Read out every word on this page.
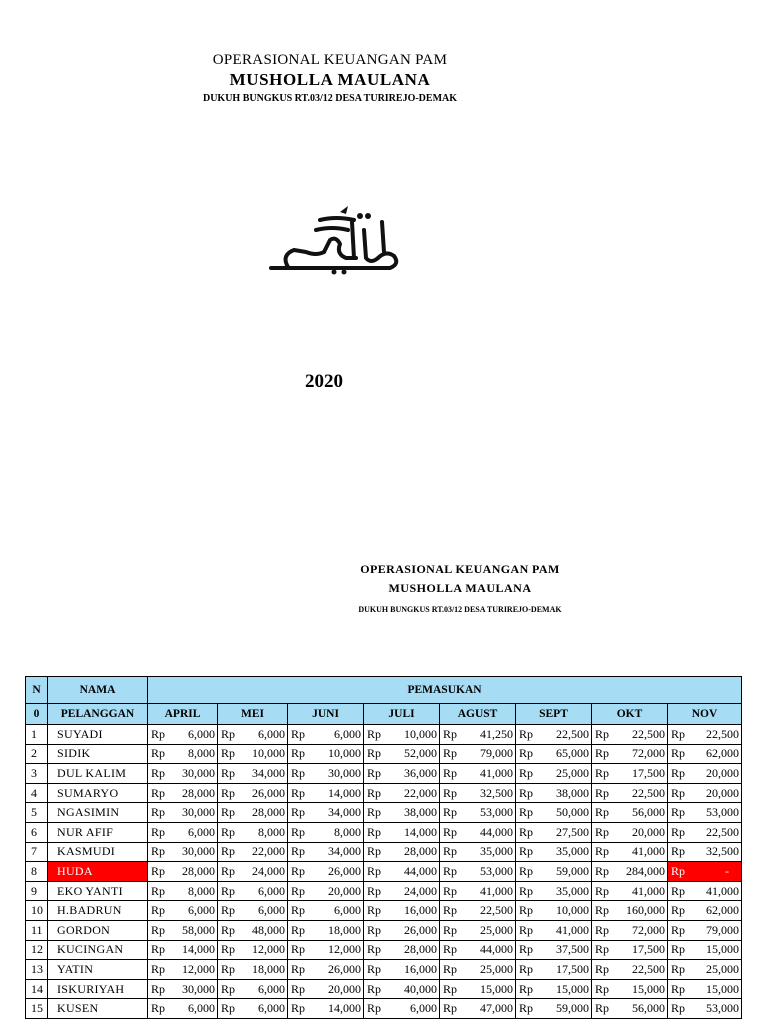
OPERASIONAL KEUANGAN PAM
MUSHOLLA MAULANA
DUKUH BUNGKUS RT.03/12 DESA TURIREJO-DEMAK
2020
OPERASIONAL KEUANGAN PAM
MUSHOLLA MAULANA
DUKUH BUNGKUS RT.03/12 DESA TURIREJO-DEMAK
N	NAMA	PEMASUKAN							
0	PELANGGAN	APRIL	MEI	JUNI	JULI	AGUST	SEPT	OKT	NOV
1	SUYADI	Rp 6,000	Rp 6,000	Rp 6,000	Rp 10,000	Rp 41,250	Rp 22,500	Rp 22,500	Rp 22,500

2	SIDIK	Rp 8,000	Rp 10,000	Rp 10,000	Rp 52,000	Rp 79,000	Rp 65,000	Rp 72,000	Rp 62,000

3	DUL KALIM	Rp 30,000	Rp 34,000	Rp 30,000	Rp 36,000	Rp 41,000	Rp 25,000	Rp 17,500	Rp 20,000

4	SUMARYO	Rp 28,000	Rp 26,000	Rp 14,000	Rp 22,000	Rp 32,500	Rp 38,000	Rp 22,500	Rp 20,000

5	NGASIMIN	Rp 30,000	Rp 28,000	Rp 34,000	Rp 38,000	Rp 53,000	Rp 50,000	Rp 56,000	Rp 53,000

6	NUR AFIF	Rp 6,000	Rp 8,000	Rp 8,000	Rp 14,000	Rp 44,000	Rp 27,500	Rp 20,000	Rp 22,500

7	KASMUDI	Rp 30,000	Rp 22,000	Rp 34,000	Rp 28,000	Rp 35,000	Rp 35,000	Rp 41,000	Rp 32,500

8	HUDA	Rp 28,000	Rp 24,000	Rp 26,000	Rp 44,000	Rp 53,000	Rp 59,000	Rp 284,000	Rp -

9	EKO YANTI	Rp 8,000	Rp 6,000	Rp 20,000	Rp 24,000	Rp 41,000	Rp 35,000	Rp 41,000	Rp 41,000

10	H.BADRUN	Rp 6,000	Rp 6,000	Rp 6,000	Rp 16,000	Rp 22,500	Rp 10,000	Rp 160,000	Rp 62,000

11	GORDON	Rp 58,000	Rp 48,000	Rp 18,000	Rp 26,000	Rp 25,000	Rp 41,000	Rp 72,000	Rp 79,000

12	KUCINGAN	Rp 14,000	Rp 12,000	Rp 12,000	Rp 28,000	Rp 44,000	Rp 37,500	Rp 17,500	Rp 15,000

13	YATIN	Rp 12,000	Rp 18,000	Rp 26,000	Rp 16,000	Rp 25,000	Rp 17,500	Rp 22,500	Rp 25,000

14	ISKURIYAH	Rp 30,000	Rp 6,000	Rp 20,000	Rp 40,000	Rp 15,000	Rp 15,000	Rp 15,000	Rp 15,000

15	KUSEN	Rp 6,000	Rp 6,000	Rp 14,000	Rp 6,000	Rp 47,000	Rp 59,000	Rp 56,000	Rp 53,000
